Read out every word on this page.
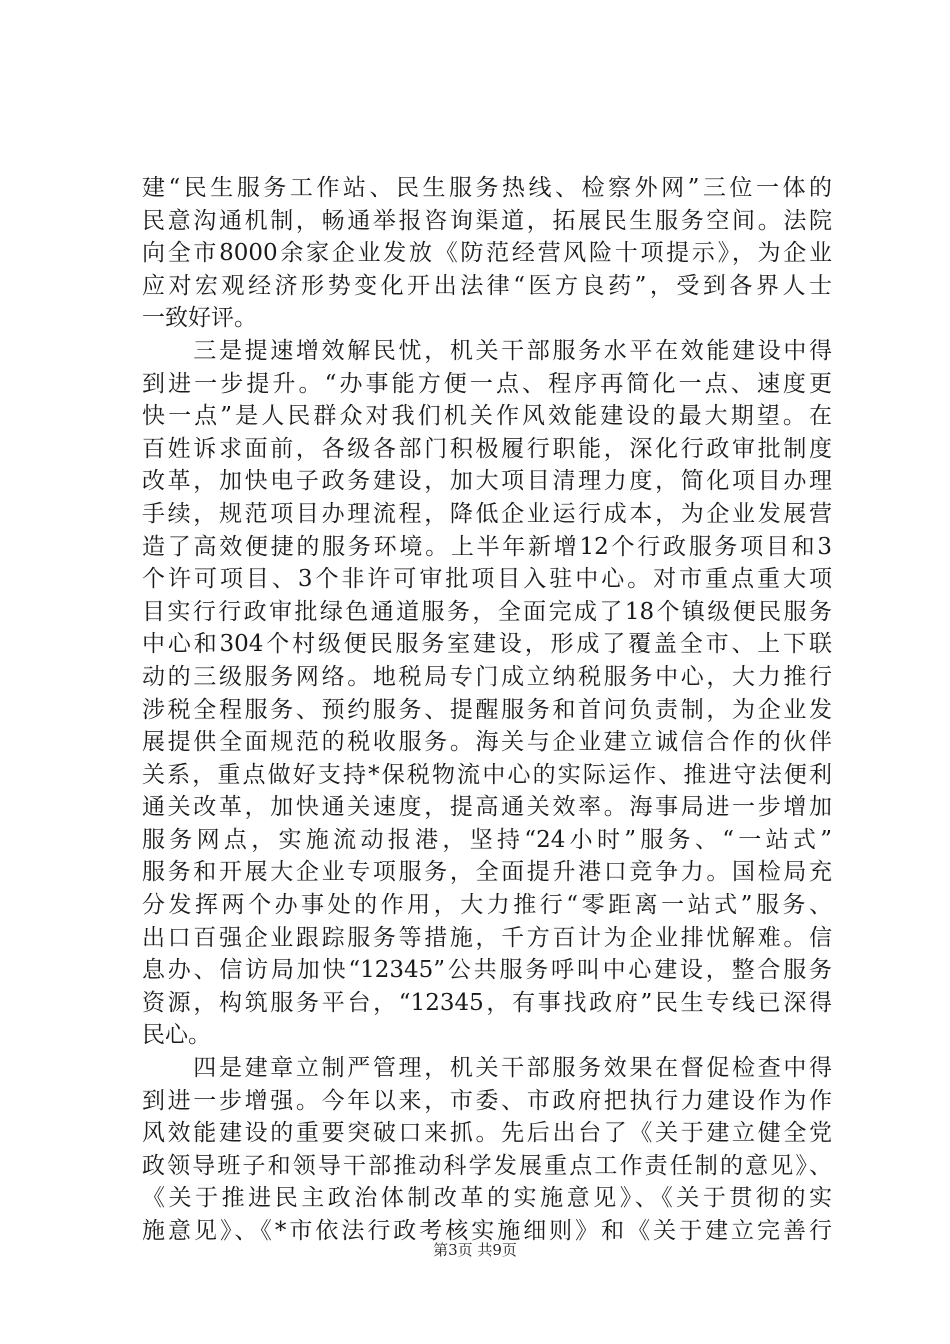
建“民生服务工作站、民生服务热线、检察外网”三位一体的
民意沟通机制，畅通举报咨询渠道，拓展民生服务空间。法院
向全市8000余家企业发放《防范经营风险十项提示》，为企业
应对宏观经济形势变化开出法律“医方良药”，受到各界人士
一致好评。
　　三是提速增效解民忧，机关干部服务水平在效能建设中得
到进一步提升。“办事能方便一点、程序再简化一点、速度更
快一点”是人民群众对我们机关作风效能建设的最大期望。在
百姓诉求面前，各级各部门积极履行职能，深化行政审批制度
改革，加快电子政务建设，加大项目清理力度，简化项目办理
手续，规范项目办理流程，降低企业运行成本，为企业发展营
造了高效便捷的服务环境。上半年新增12个行政服务项目和3
个许可项目、3个非许可审批项目入驻中心。对市重点重大项
目实行行政审批绿色通道服务，全面完成了18个镇级便民服务
中心和304个村级便民服务室建设，形成了覆盖全市、上下联
动的三级服务网络。地税局专门成立纳税服务中心，大力推行
涉税全程服务、预约服务、提醒服务和首问负责制，为企业发
展提供全面规范的税收服务。海关与企业建立诚信合作的伙伴
关系，重点做好支持*保税物流中心的实际运作、推进守法便利
通关改革，加快通关速度，提高通关效率。海事局进一步增加
服务网点，实施流动报港，坚持“24小时”服务、“一站式”
服务和开展大企业专项服务，全面提升港口竞争力。国检局充
分发挥两个办事处的作用，大力推行“零距离一站式”服务、
出口百强企业跟踪服务等措施，千方百计为企业排忧解难。信
息办、信访局加快“12345”公共服务呼叫中心建设，整合服务
资源，构筑服务平台，“12345，有事找政府”民生专线已深得
民心。
　　四是建章立制严管理，机关干部服务效果在督促检查中得
到进一步增强。今年以来，市委、市政府把执行力建设作为作
风效能建设的重要突破口来抓。先后出台了《关于建立健全党
政领导班子和领导干部推动科学发展重点工作责任制的意见》、
《关于推进民主政治体制改革的实施意见》、《关于贯彻的实
施意见》、《*市依法行政考核实施细则》和《关于建立完善行
第3页 共9页
